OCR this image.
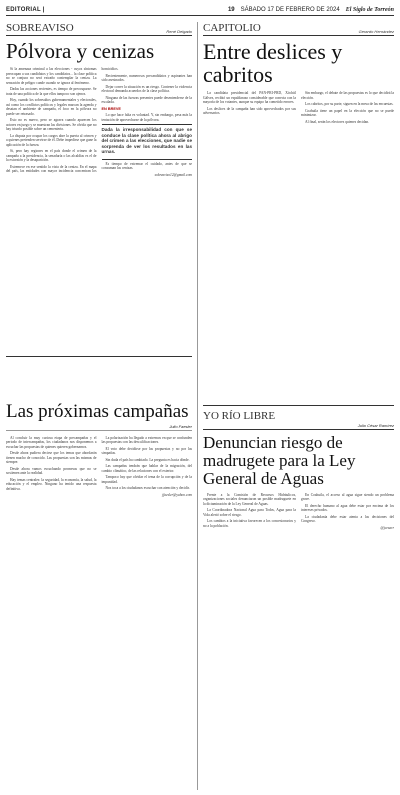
EDITORIAL |	19 SÁBADO 17 DE FEBRERO DE 2024 El Siglo de Torreón
SOBREAVISO	René Delgado
Pólvora y cenizas

Si la amenaza criminal a las elecciones - cuyos síntomas preocupan a sus candidatos y los candidatos... la clase política no se conjura no será extraño contemplar la ceniza. La sensación de peligro cunde cuando se ignora al fenómeno.

Dadas las acciones recientes, es tiempo de preocuparse. Se trata de una política de la que ellos tampoco son ajenos.

Hoy, cuando los sobresaltos gubernamentales y electorales, así como los conflictos políticos y legales marcan la agenda y desatan el ambiente de campaña, el foco en la pólvora no puede ser retrasado.

Esto no es nuevo, pero se agrava cuando aparecen los actores en juego y se muestran las divisiones. Se olvida que no hay triunfo posible sobre un cementerio.

La disputa por ocupar los cargos abre la puerta al crimen y a quienes pretenden servirse de él. Debe impedirse que gane la aplicación de la fuerza.

Si, pero hay regiones en el país donde el crimen de la campaña a la presidencia, la senaduría o las alcaldías es el de la extorsión y la desaparición.

Estremece en ese sentido la vista de la ceniza. En el mapa del país, las entidades con mayor incidencia concentran los homicidios.

Recientemente, numerosos precandidatos y aspirantes han sido asesinados.

Dejar correr la situación es un riesgo. Contener la violencia electoral demanda acuerdos de la clase política.

Ninguna de las fuerzas presentes puede desentenderse de la escalada.

EN BREVE

Lo que hace falta es voluntad. Y, sin embargo, pesa más la tentación de aprovecharse de la pólvora.

Dada la irresponsabilidad con que se conduce la clase política ahora al abrigo del crimen a las elecciones, que nadie se sorprenda de ver los resultados en las urnas.

Es tiempo de extremar el cuidado, antes de que se consuman las cenizas.

sobreaviso12@gmail.com

Las próximas campañas
Julio Faesler

Al concluir la muy curiosa etapa de precampañas y el periodo de intercampañas, los ciudadanos nos disponemos a escuchar las propuestas de quienes quieren gobernarnos.

Desde ahora pudiera decirse que los temas que abordarán tienen mucho de conocido. Las propuestas son las mismas de siempre.

Desde ahora vamos escuchando promesas que no se sostienen ante la realidad.

Hay temas centrales: la seguridad, la economía, la salud, la educación y el empleo. Ninguno ha tenido una respuesta definitiva.

La polarización ha llegado a extremos en que se confunden las propuestas con las descalificaciones.

El voto debe decidirse por las propuestas y no por las simpatías.

Sin duda el país ha cambiado. La pregunta es hacia dónde.

Las campañas tendrán que hablar de la migración, del cambio climático, de las relaciones con el exterior.

Tampoco hay que olvidar el tema de la corrupción y de la impunidad.

Nos toca a los ciudadanos escuchar con atención y decidir.

jfaesler@yahoo.com

CAPITOLIO	Gerardo Hernández
Entre deslices y cabritos

La candidata presidencial del PAN-PRI-PRD, Xóchitl Gálvez, recibió un espaldarazo considerable que conecta con la mayoría de los votantes, aunque su equipo ha cometido errores.

Los deslices de la campaña han sido aprovechados por sus adversarios.

Sin embargo, el debate de las propuestas es lo que decidirá la elección.

Los cabritos, por su parte, siguen en la mesa de las encuestas.

Coahuila tiene un papel en la elección que no se puede minimizar.

Al final, serán los electores quienes decidan.

YO RÍO LIBRE
Julio César Ramírez
Denuncian riesgo de madrugete para la Ley General de Aguas

Frente a la Comisión de Recursos Hidráulicos, organizaciones sociales denunciaron un posible madruguete en la dictaminación de la Ley General de Aguas.

La Coordinadora Nacional Agua para Todos, Agua para la Vida alertó sobre el riesgo.

Los cambios a la iniciativa favorecen a los concesionarios y no a la población.

En Coahuila, el acceso al agua sigue siendo un problema grave.

El derecho humano al agua debe estar por encima de los intereses privados.

La ciudadanía debe estar atenta a las decisiones del Congreso.

@jcesarr
